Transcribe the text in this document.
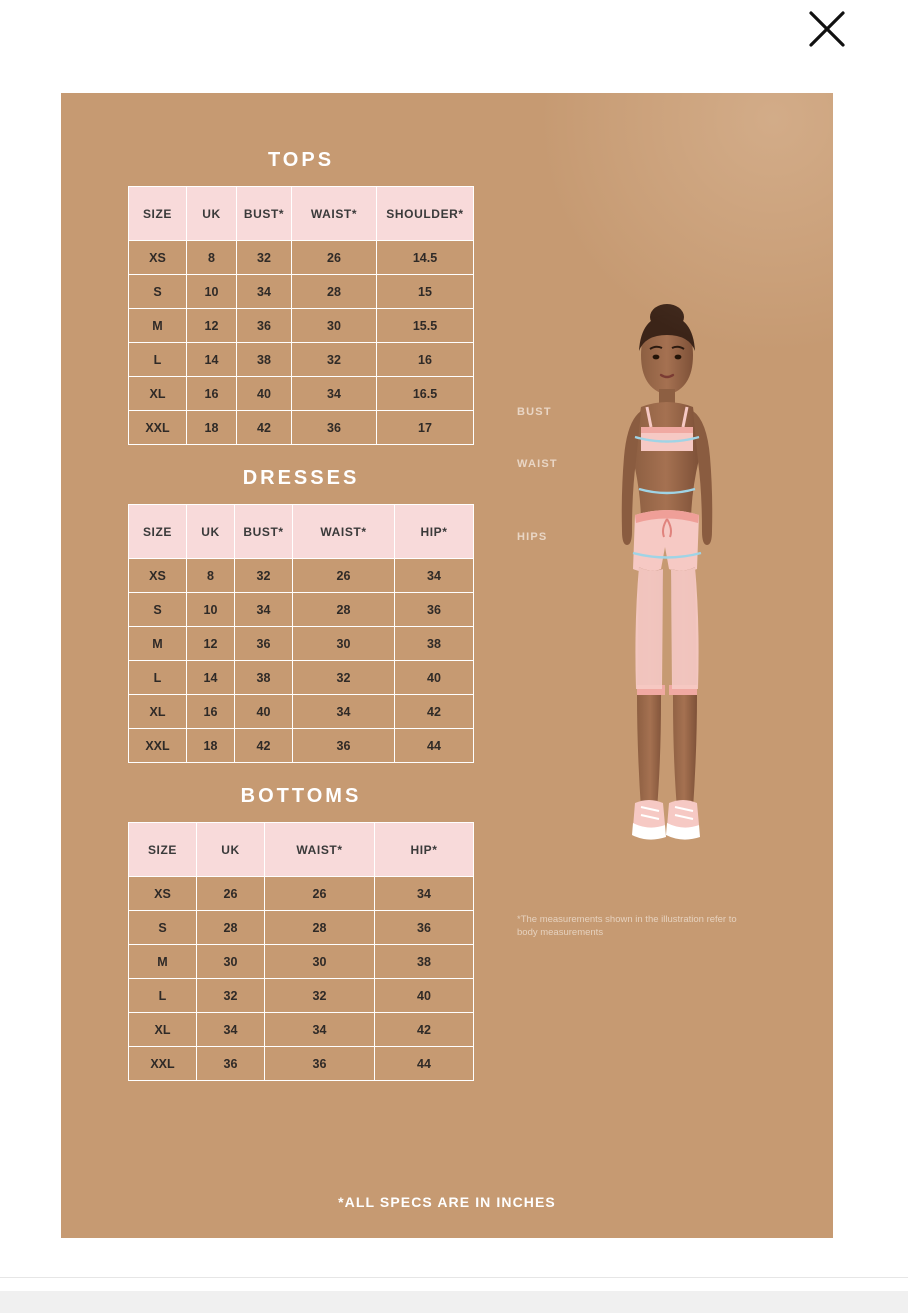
TOPS
SIZE	UK	BUST*	WAIST*	SHOULDER*
XS	8	32	26	14.5
S	10	34	28	15
M	12	36	30	15.5
L	14	38	32	16
XL	16	40	34	16.5
XXL	18	42	36	17
DRESSES
SIZE	UK	BUST*	WAIST*	HIP*
XS	8	32	26	34
S	10	34	28	36
M	12	36	30	38
L	14	38	32	40
XL	16	40	34	42
XXL	18	42	36	44
BOTTOMS
SIZE	UK	WAIST*	HIP*
XS	26	26	34
S	28	28	36
M	30	30	38
L	32	32	40
XL	34	34	42
XXL	36	36	44
BUST
WAIST
HIPS
*The measurements shown in the illustration refer to body measurements
*ALL SPECS ARE IN INCHES
